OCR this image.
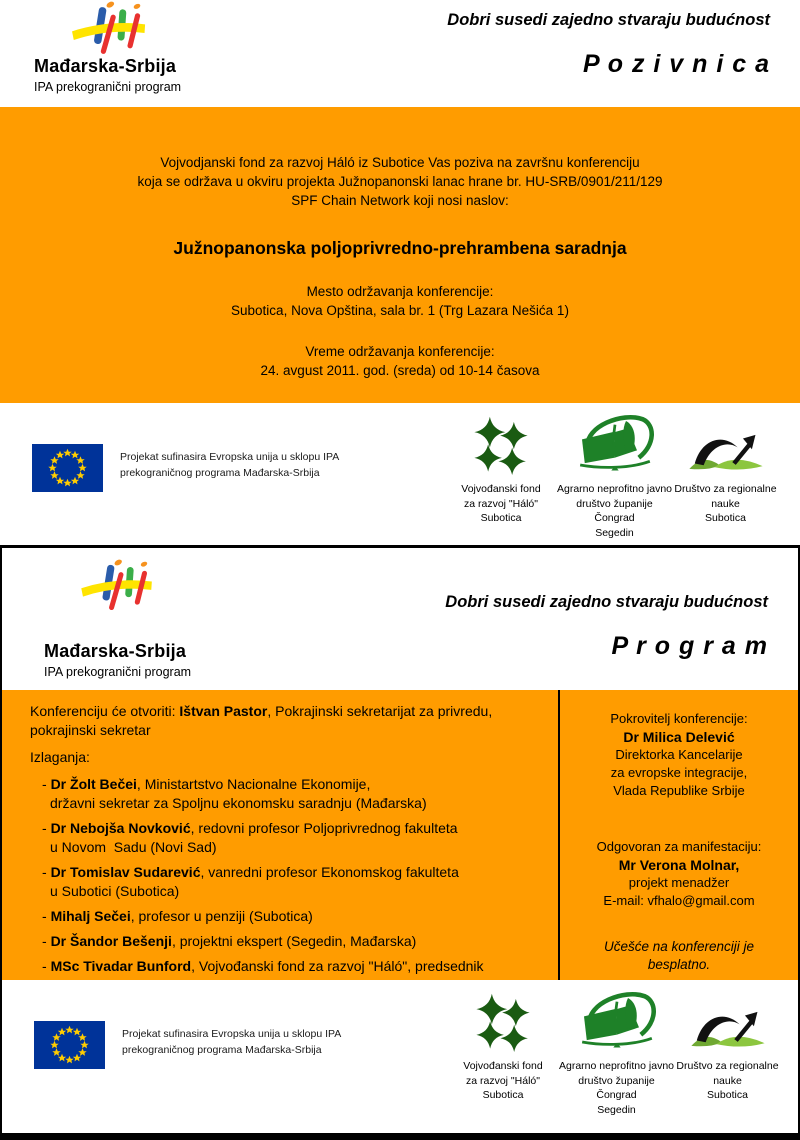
Mađarska-Srbija
IPA prekogranični program
Dobri susedi zajedno stvaraju budućnost
P o z i v n i c a
Vojvodjanski fond za razvoj Háló iz Subotice Vas poziva na završnu konferenciju
koja se održava u okviru projekta Južnopanonski lanac hrane br. HU-SRB/0901/211/129
SPF Chain Network koji nosi naslov:
Južnopanonska poljoprivredno-prehrambena saradnja
Mesto održavanja konferencije:
Subotica, Nova Opština, sala br. 1 (Trg Lazara Nešića 1)
Vreme održavanja konferencije:
24. avgust 2011. god. (sreda) od 10-14 časova
Projekat sufinasira Evropska unija u sklopu IPA
prekograničnog programa Mađarska-Srbija
Vojvođanski fond
za razvoj "Háló"
Subotica
Agrarno neprofitno javno
društvo županije Čongrad
Segedin
Društvo za regionalne
nauke
Subotica
Mađarska-Srbija
IPA prekogranični program
Dobri susedi zajedno stvaraju budućnost
P r o g r a m

Konferenciju će otvoriti: Ištvan Pastor, Pokrajinski sekretarijat za privredu, pokrajinski sekretar

Izlaganja:

- Dr Žolt Bečei, Ministartstvo Nacionalne Ekonomije,
državni sekretar za Spoljnu ekonomsku saradnju (Mađarska)
- Dr Nebojša Novković, redovni profesor Poljoprivrednog fakulteta
u Novom  Sadu (Novi Sad)
- Dr Tomislav Sudarević, vanredni profesor Ekonomskog fakulteta
u Subotici (Subotica)
- Mihalj Sečei, profesor u penziji (Subotica)
- Dr Šandor Bešenji, projektni ekspert (Segedin, Mađarska)
- MSc Tivadar Bunford, Vojvođanski fond za razvoj "Háló", predsednik
Pokrovitelj konferencije:
Dr Milica Delević
Direktorka Kancelarije
za evropske integracije,
Vlada Republike Srbije
Odgovoran za manifestaciju:
Mr Verona Molnar,
projekt menadžer
E-mail: vfhalo@gmail.com
Učešće na konferenciji je
besplatno.
Projekat sufinasira Evropska unija u sklopu IPA
prekograničnog programa Mađarska-Srbija
Vojvođanski fond
za razvoj "Háló"
Subotica
Agrarno neprofitno javno
društvo županije Čongrad
Segedin
Društvo za regionalne
nauke
Subotica
